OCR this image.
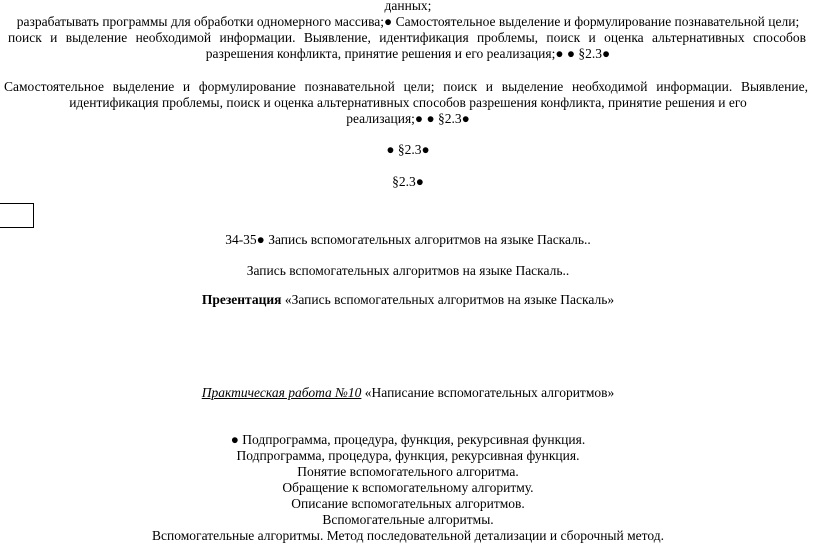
данных;
разрабатывать программы для обработки одномерного массива;● Самостоятельное выделение и формулирование познавательной цели;
поиск и выделение необходимой информации. Выявление, идентификация проблемы, поиск и оценка альтернативных способов
разрешения конфликта, принятие решения и его реализация;● ● §2.3●
Самостоятельное выделение и формулирование познавательной цели; поиск и выделение необходимой информации. Выявление,
идентификация проблемы, поиск и оценка альтернативных способов разрешения конфликта, принятие решения и его
реализация;● ● §2.3●
● §2.3●
§2.3●
34-35● Запись вспомогательных алгоритмов на языке Паскаль..
Запись вспомогательных алгоритмов на языке Паскаль..
Презентация «Запись вспомогательных алгоритмов на языке Паскаль»
Практическая работа №10 «Написание вспомогательных алгоритмов»
● Подпрограмма, процедура, функция, рекурсивная функция.
Подпрограмма, процедура, функция, рекурсивная функция.
Понятие вспомогательного алгоритма.
Обращение к вспомогательному алгоритму.
Описание вспомогательных алгоритмов.
Вспомогательные алгоритмы.
Вспомогательные алгоритмы. Метод последовательной детализации и сборочный метод.
